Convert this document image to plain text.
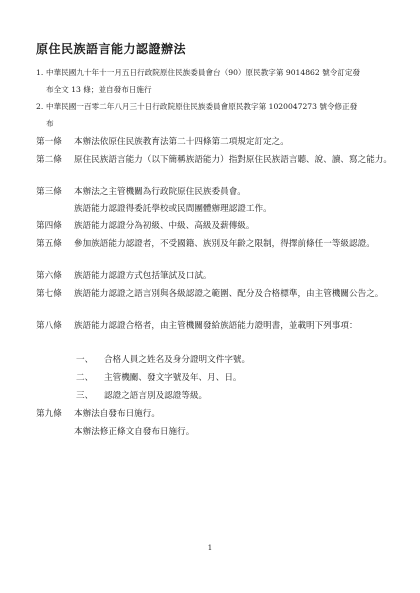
原住民族語言能力認證辦法
1. 中華民國九十年十一月五日行政院原住民族委員會台（90）原民教字第 9014862 號令訂定發
布全文 13 條；並自發布日施行
2. 中華民國一百零二年八月三十日行政院原住民族委員會原民教字第 1020047273 號令修正發
布
第一條	本辦法依原住民族教育法第二十四條第二項規定訂定之。
第二條	原住民族語言能力（以下簡稱族語能力）指對原住民族語言聽、說、讀、寫之能力。
第三條	本辦法之主管機關為行政院原住民族委員會。
族語能力認證得委託學校或民間團體辦理認證工作。
第四條	族語能力認證分為初級、中級、高級及薪傳級。
第五條	參加族語能力認證者，不受國籍、族別及年齡之限制，得擇前條任一等級認證。
第六條	族語能力認證方式包括筆試及口試。
第七條	族語能力認證之語言別與各級認證之範圍、配分及合格標準，由主管機關公告之。
第八條	族語能力認證合格者，由主管機關發給族語能力證明書，並載明下列事項：
一、 合格人員之姓名及身分證明文件字號。
二、 主管機關、發文字號及年、月、日。
三、 認證之語言別及認證等級。
第九條	本辦法自發布日施行。
本辦法修正條文自發布日施行。
1
